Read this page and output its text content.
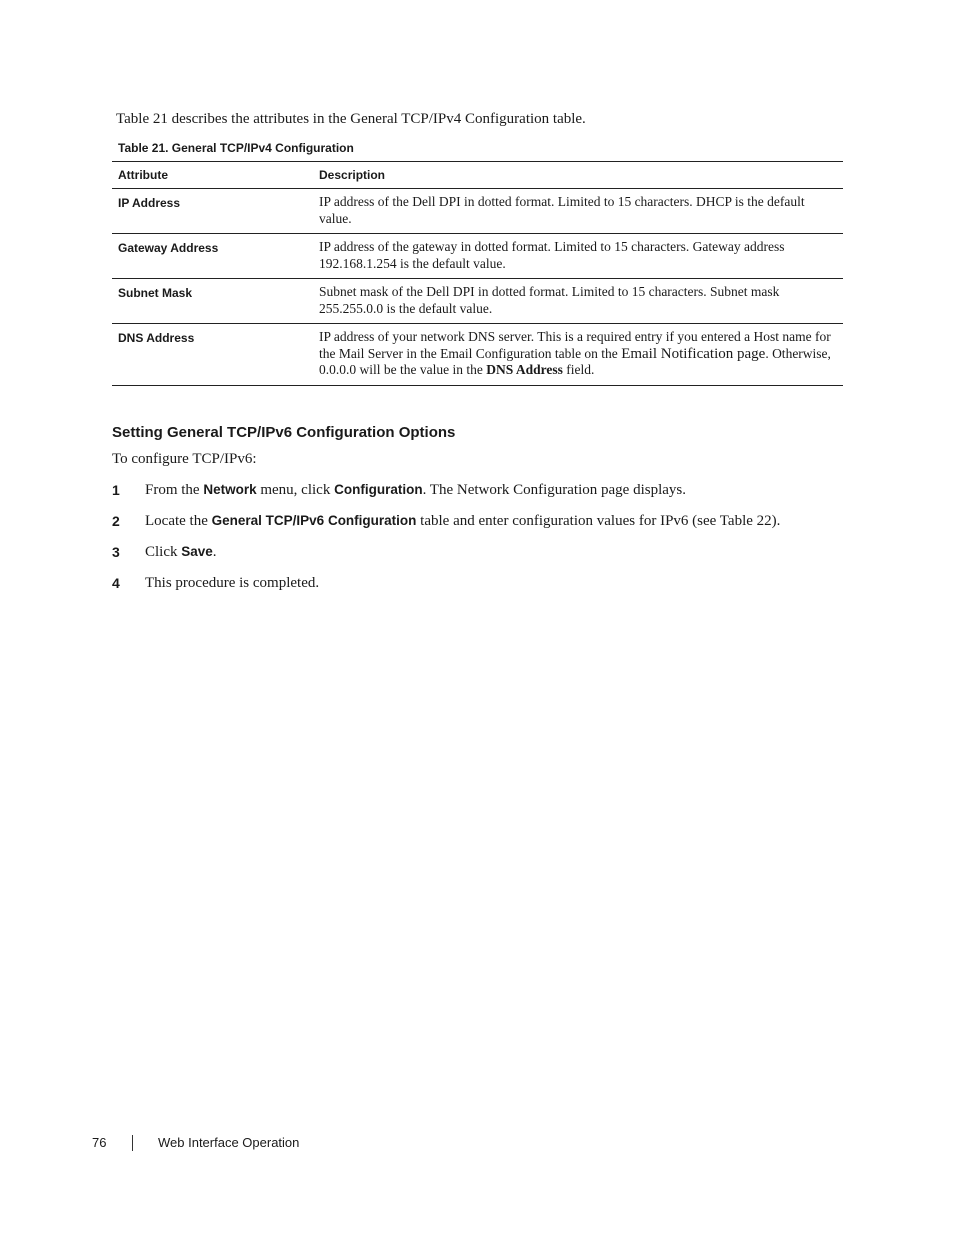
Table 21 describes the attributes in the General TCP/IPv4 Configuration table.

Table 21. General TCP/IPv4 Configuration

Attribute	Description
IP Address	IP address of the Dell DPI in dotted format. Limited to 15 characters. DHCP is the default value.
Gateway Address	IP address of the gateway in dotted format. Limited to 15 characters. Gateway address 192.168.1.254 is the default value.
Subnet Mask	Subnet mask of the Dell DPI in dotted format. Limited to 15 characters. Subnet mask 255.255.0.0 is the default value.
DNS Address	IP address of your network DNS server. This is a required entry if you entered a Host name for the Mail Server in the Email Configuration table on the Email Notification page. Otherwise, 0.0.0.0 will be the value in the DNS Address field.
Setting General TCP/IPv6 Configuration Options

To configure TCP/IPv6:

1 From the Network menu, click Configuration. The Network Configuration page displays.
2 Locate the General TCP/IPv6 Configuration table and enter configuration values for IPv6 (see Table 22).
3 Click Save.
4 This procedure is completed.
76	Web Interface Operation
